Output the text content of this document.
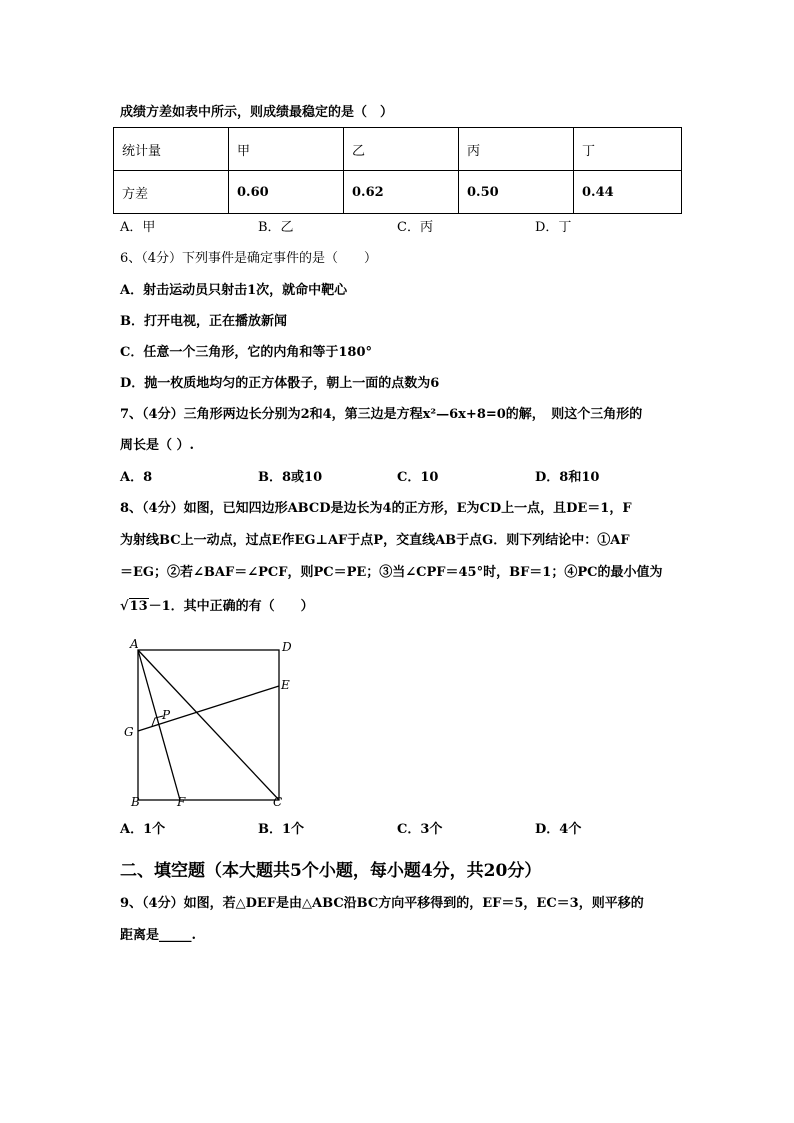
成绩方差如表中所示，则成绩最稳定的是（　）
统计量	甲	乙	丙	丁
方差	0.60	0.62	0.50	0.44
A．甲	B．乙	C．丙	D．丁
6、（4分）下列事件是确定事件的是（　　）
A．射击运动员只射击1次，就命中靶心
B．打开电视，正在播放新闻
C．任意一个三角形，它的内角和等于180°
D．抛一枚质地均匀的正方体骰子，朝上一面的点数为6
7、（4分）三角形两边长分别为2和4，第三边是方程x²—6x+8=0的解，　则这个三角形的
周长是（ ）.
A．8	B．8或10	C．10	D．8和10
8、（4分）如图，已知四边形ABCD是边长为4的正方形，E为CD上一点，且DE＝1，F
为射线BC上一动点，过点E作EG⊥AF于点P，交直线AB于点G．则下列结论中：①AF
＝EG；②若∠BAF＝∠PCF，则PC＝PE；③当∠CPF＝45°时，BF＝1；④PC的最小值为
√13－1．其中正确的有（　　）
A	D
E
P
G
B	F	C
A．1个	B．1个	C．3个	D．4个
二、填空题（本大题共5个小题，每小题4分，共20分）
9、（4分）如图，若△DEF是由△ABC沿BC方向平移得到的，EF＝5，EC＝3，则平移的
距离是_____.
